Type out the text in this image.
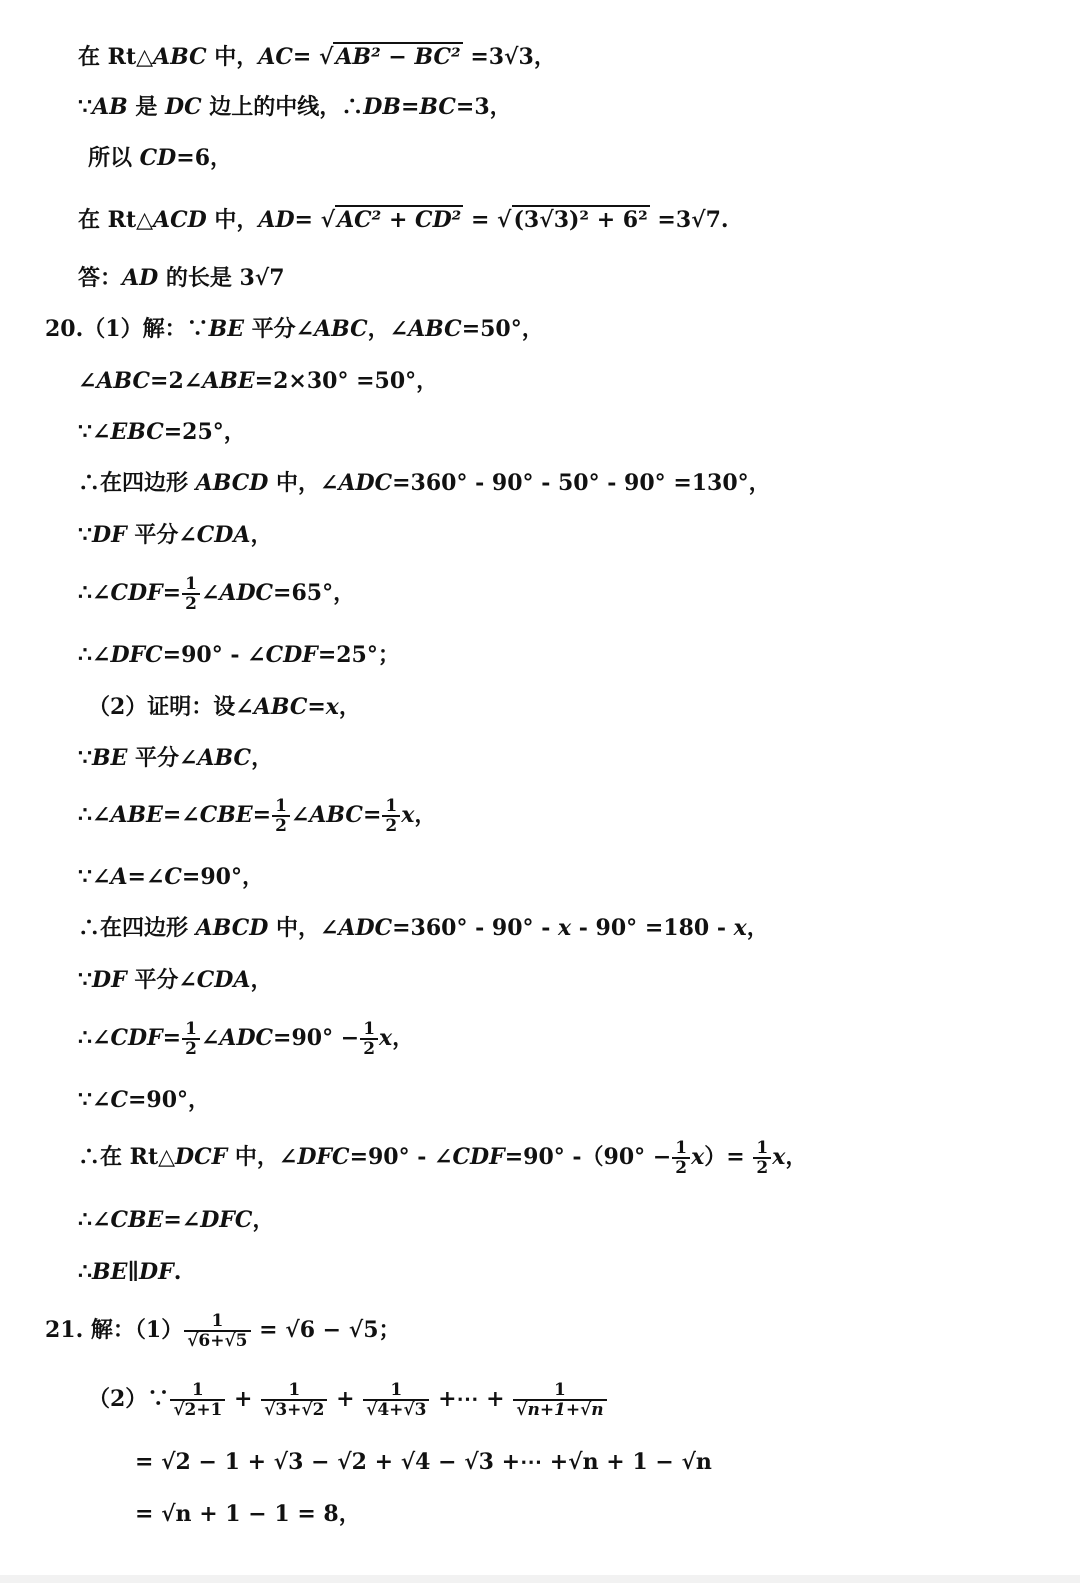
在 Rt△ABC 中，AC= √AB² − BC² =3√3，
∵AB 是 DC 边上的中线，∴DB=BC=3，
所以 CD=6，
在 Rt△ACD 中，AD= √AC² + CD² = √(3√3)² + 6² =3√7.
答：AD 的长是 3√7
20.（1）解：∵BE 平分∠ABC，∠ABC=50°，
∠ABC=2∠ABE=2×30° =50°，
∵∠EBC=25°，
∴在四边形 ABCD 中，∠ADC=360° - 90° - 50° - 90° =130°，
∵DF 平分∠CDA，
∴∠CDF= $\frac{1}{2}$ ∠ADC=65°，
∴∠DFC=90° - ∠CDF=25°；
（2）证明：设∠ABC=x，
∵BE 平分∠ABC，
∴∠ABE=∠CBE= $\frac{1}{2}$ ∠ABC= $\frac{1}{2}$ x，
∵∠A=∠C=90°，
∴在四边形 ABCD 中，∠ADC=360° - 90° - x - 90° =180 - x，
∵DF 平分∠CDA，
∴∠CDF= $\frac{1}{2}$ ∠ADC=90° − $\frac{1}{2}$ x，
∵∠C=90°，
∴在 Rt△DCF 中，∠DFC=90° - ∠CDF=90° $-(90^\circ - \frac{1}{2} x)= \frac{1}{2}$ x，
∴∠CBE=∠DFC，
∴BE∥DF.
21. 解：$(1) \frac{1}{√6+√5} = √6 - √5$；
（2）∵ $\frac{1}{√2+1} + \frac{1}{√3+√2} + \frac{1}{√4+√3}$ +⋯ + $\frac{1}{√n+1+√n}$
= √2 − 1 + √3 − √2 + √4 − √3 +⋯ +√n + 1 − √n
= √n + 1 − 1 = 8，
